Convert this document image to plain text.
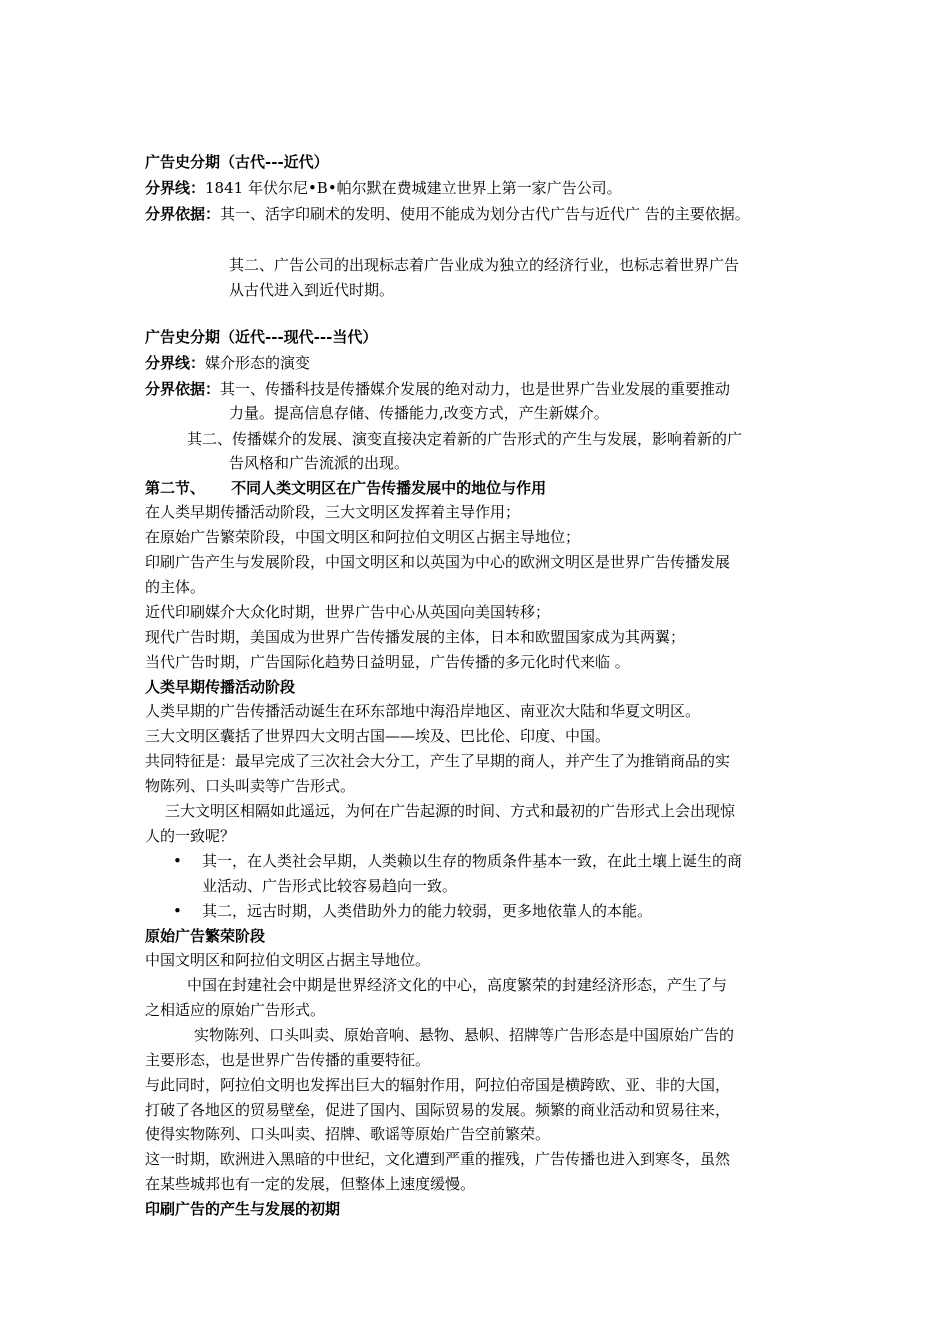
广告史分期（古代---近代）
分界线：1841 年伏尔尼•B•帕尔默在费城建立世界上第一家广告公司。
分界依据：其一、活字印刷术的发明、使用不能成为划分古代广告与近代广 告的主要依据。
其二、广告公司的出现标志着广告业成为独立的经济行业，也标志着世界广告
从古代进入到近代时期。
广告史分期（近代---现代---当代）
分界线：媒介形态的演变
分界依据：其一、传播科技是传播媒介发展的绝对动力，也是世界广告业发展的重要推动
力量。提高信息存储、传播能力,改变方式，产生新媒介。
其二、传播媒介的发展、演变直接决定着新的广告形式的产生与发展，影响着新的广
告风格和广告流派的出现。
第二节、     不同人类文明区在广告传播发展中的地位与作用
在人类早期传播活动阶段，三大文明区发挥着主导作用；
在原始广告繁荣阶段，中国文明区和阿拉伯文明区占据主导地位；
印刷广告产生与发展阶段，中国文明区和以英国为中心的欧洲文明区是世界广告传播发展
的主体。
近代印刷媒介大众化时期，世界广告中心从英国向美国转移；
现代广告时期，美国成为世界广告传播发展的主体，日本和欧盟国家成为其两翼；
当代广告时期，广告国际化趋势日益明显，广告传播的多元化时代来临 。
人类早期传播活动阶段
人类早期的广告传播活动诞生在环东部地中海沿岸地区、南亚次大陆和华夏文明区。
三大文明区囊括了世界四大文明古国——埃及、巴比伦、印度、中国。
共同特征是：最早完成了三次社会大分工，产生了早期的商人，并产生了为推销商品的实
物陈列、口头叫卖等广告形式。
三大文明区相隔如此遥远，为何在广告起源的时间、方式和最初的广告形式上会出现惊
人的一致呢？
• 其一，在人类社会早期，人类赖以生存的物质条件基本一致，在此土壤上诞生的商
业活动、广告形式比较容易趋向一致。
• 其二，远古时期，人类借助外力的能力较弱，更多地依靠人的本能。
原始广告繁荣阶段
中国文明区和阿拉伯文明区占据主导地位。
中国在封建社会中期是世界经济文化的中心，高度繁荣的封建经济形态，产生了与
之相适应的原始广告形式。
实物陈列、口头叫卖、原始音响、悬物、悬帜、招牌等广告形态是中国原始广告的
主要形态，也是世界广告传播的重要特征。
与此同时，阿拉伯文明也发挥出巨大的辐射作用，阿拉伯帝国是横跨欧、亚、非的大国，
打破了各地区的贸易壁垒，促进了国内、国际贸易的发展。频繁的商业活动和贸易往来，
使得实物陈列、口头叫卖、招牌、歌谣等原始广告空前繁荣。
这一时期，欧洲进入黑暗的中世纪，文化遭到严重的摧残，广告传播也进入到寒冬，虽然
在某些城邦也有一定的发展，但整体上速度缓慢。
印刷广告的产生与发展的初期
